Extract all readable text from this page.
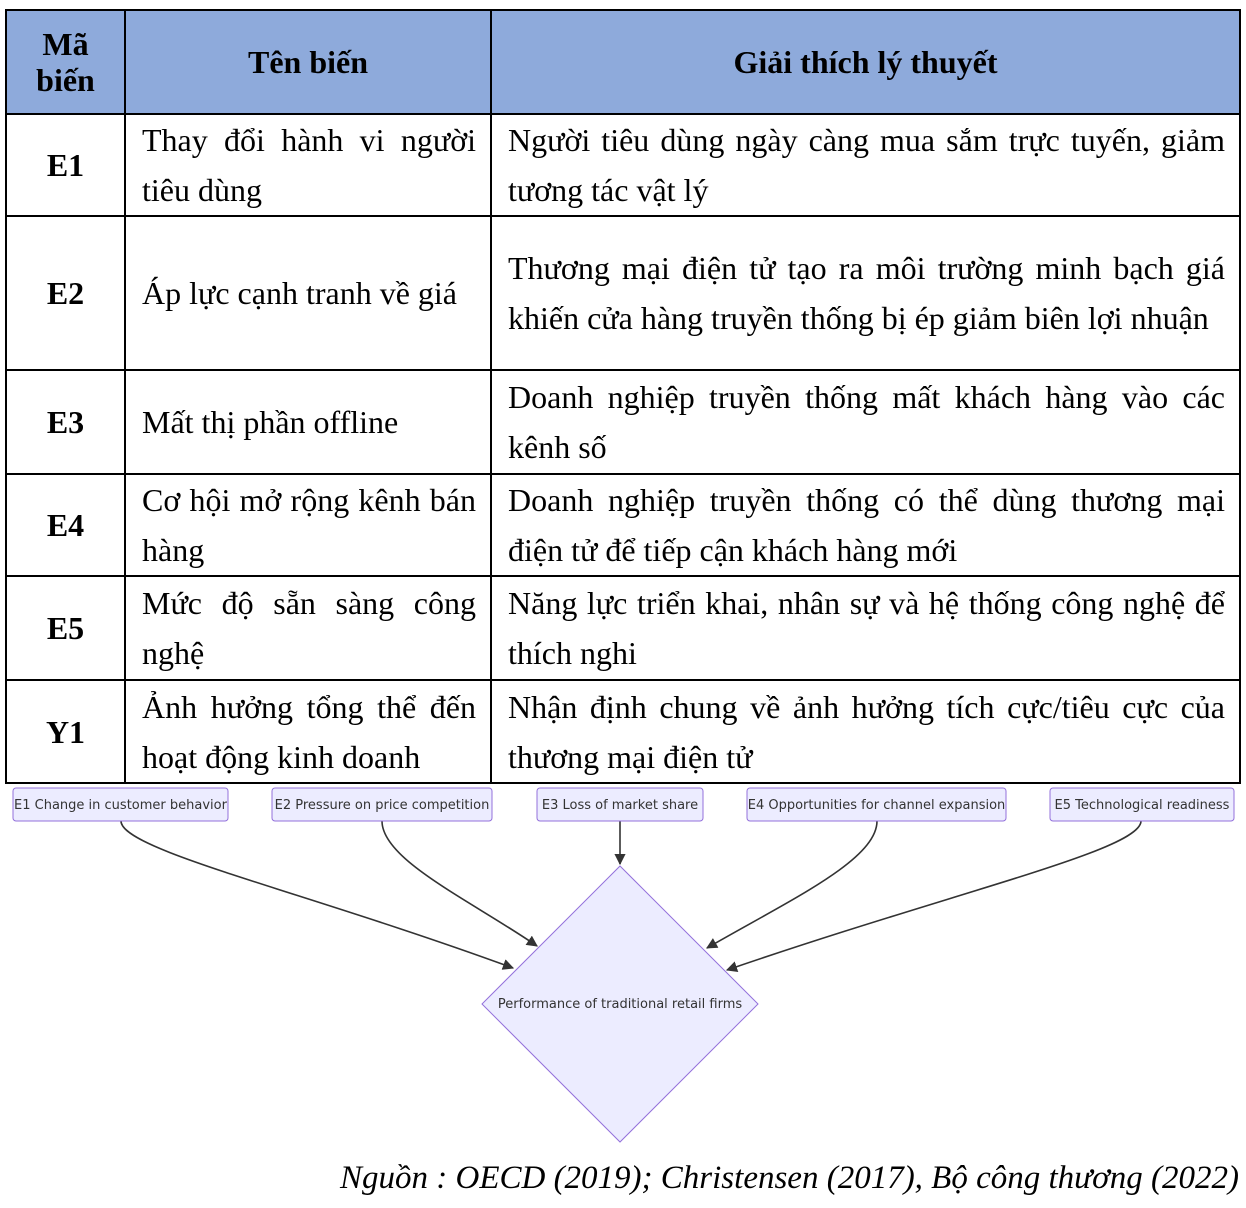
Mã biến	Tên biến	Giải thích lý thuyết
E1	Thay đổi hành vi người tiêu dùng	Người tiêu dùng ngày càng mua sắm trực tuyến, giảm tương tác vật lý
E2	Áp lực cạnh tranh về giá	Thương mại điện tử tạo ra môi trường minh bạch giá khiến cửa hàng truyền thống bị ép giảm biên lợi nhuận
E3	Mất thị phần offline	Doanh nghiệp truyền thống mất khách hàng vào các kênh số
E4	Cơ hội mở rộng kênh bán hàng	Doanh nghiệp truyền thống có thể dùng thương mại điện tử để tiếp cận khách hàng mới
E5	Mức độ sẵn sàng công nghệ	Năng lực triển khai, nhân sự và hệ thống công nghệ để thích nghi
Y1	Ảnh hưởng tổng thể đến hoạt động kinh doanh	Nhận định chung về ảnh hưởng tích cực/tiêu cực của thương mại điện tử
E1 Change in customer behavior	E2 Pressure on price competition	E3 Loss of market share	E4 Opportunities for channel expansion	E5 Technological readiness
Performance of traditional retail firms
Nguồn : OECD (2019); Christensen (2017), Bộ công thương (2022)
